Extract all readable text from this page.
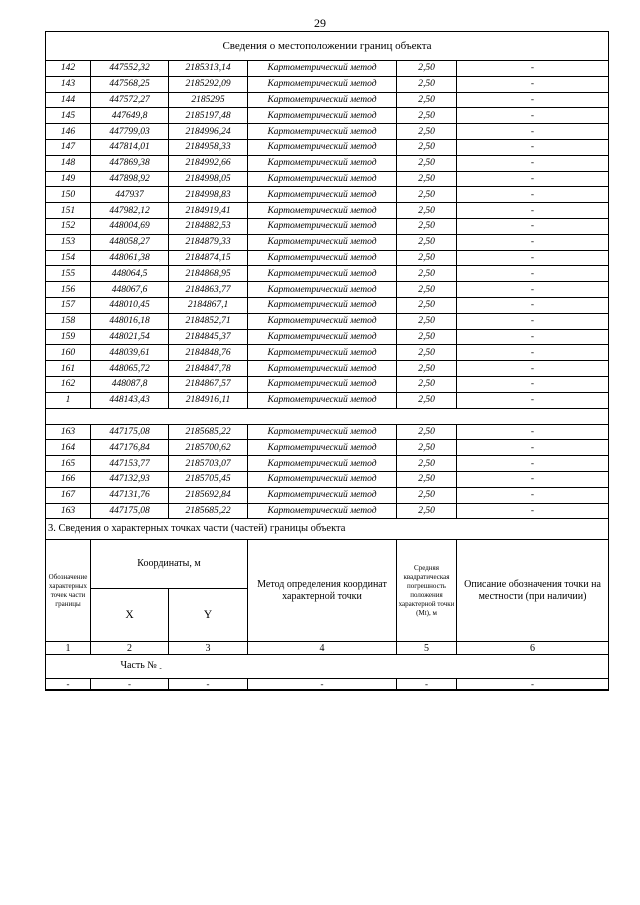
29
Сведения о местоположении границ объекта					
142	447552,32	2185313,14	Картометрический метод	2,50	-
143	447568,25	2185292,09	Картометрический метод	2,50	-
144	447572,27	2185295	Картометрический метод	2,50	-
145	447649,8	2185197,48	Картометрический метод	2,50	-
146	447799,03	2184996,24	Картометрический метод	2,50	-
147	447814,01	2184958,33	Картометрический метод	2,50	-
148	447869,38	2184992,66	Картометрический метод	2,50	-
149	447898,92	2184998,05	Картометрический метод	2,50	-
150	447937	2184998,83	Картометрический метод	2,50	-
151	447982,12	2184919,41	Картометрический метод	2,50	-
152	448004,69	2184882,53	Картометрический метод	2,50	-
153	448058,27	2184879,33	Картометрический метод	2,50	-
154	448061,38	2184874,15	Картометрический метод	2,50	-
155	448064,5	2184868,95	Картометрический метод	2,50	-
156	448067,6	2184863,77	Картометрический метод	2,50	-
157	448010,45	2184867,1	Картометрический метод	2,50	-
158	448016,18	2184852,71	Картометрический метод	2,50	-
159	448021,54	2184845,37	Картометрический метод	2,50	-
160	448039,61	2184848,76	Картометрический метод	2,50	-
161	448065,72	2184847,78	Картометрический метод	2,50	-
162	448087,8	2184867,57	Картометрический метод	2,50	-
1	448143,43	2184916,11	Картометрический метод	2,50	-

163	447175,08	2185685,22	Картометрический метод	2,50	-
164	447176,84	2185700,62	Картометрический метод	2,50	-
165	447153,77	2185703,07	Картометрический метод	2,50	-
166	447132,93	2185705,45	Картометрический метод	2,50	-
167	447131,76	2185692,84	Картометрический метод	2,50	-
163	447175,08	2185685,22	Картометрический метод	2,50	-
3. Сведения о характерных точках части (частей) границы объекта					
Обозначение характерных точек части границы	Координаты, м		Метод определения координат характерной точки	Средняя квадратическая погрешность положения характерной точки (Mt), м	Описание обозначения точки на местности (при наличии)
	X	Y			
1	2	3	4	5	6
	Часть № $_-$
-	-	-	-	-	-
